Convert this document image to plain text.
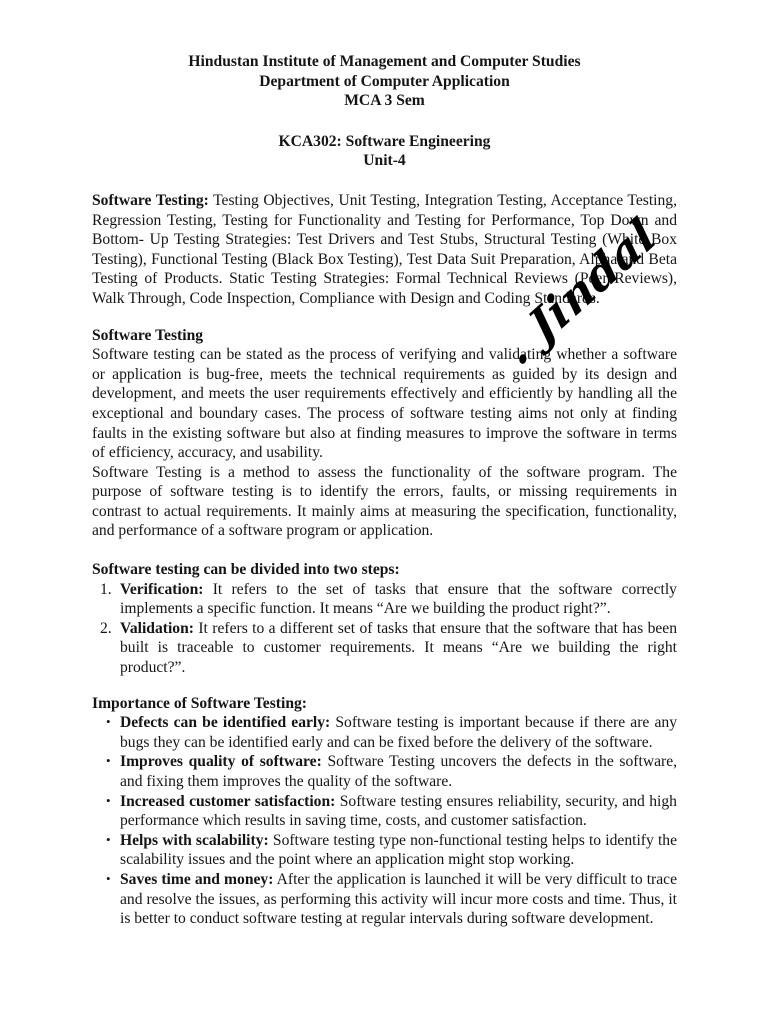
Hindustan Institute of Management and Computer Studies
Department of Computer Application
MCA 3 Sem
KCA302: Software Engineering
Unit-4

Software Testing: Testing Objectives, Unit Testing, Integration Testing, Acceptance Testing, Regression Testing, Testing for Functionality and Testing for Performance, Top Down and Bottom- Up Testing Strategies: Test Drivers and Test Stubs, Structural Testing (White Box Testing), Functional Testing (Black Box Testing), Test Data Suit Preparation, Alpha and Beta Testing of Products. Static Testing Strategies: Formal Technical Reviews (Peer Reviews), Walk Through, Code Inspection, Compliance with Design and Coding Standards.

Software Testing

Software testing can be stated as the process of verifying and validating whether a software or application is bug-free, meets the technical requirements as guided by its design and development, and meets the user requirements effectively and efficiently by handling all the exceptional and boundary cases. The process of software testing aims not only at finding faults in the existing software but also at finding measures to improve the software in terms of efficiency, accuracy, and usability.

Software Testing is a method to assess the functionality of the software program. The purpose of software testing is to identify the errors, faults, or missing requirements in contrast to actual requirements. It mainly aims at measuring the specification, functionality, and performance of a software program or application.

Software testing can be divided into two steps:
1. Verification: It refers to the set of tasks that ensure that the software correctly implements a specific function. It means “Are we building the product right?”.
2. Validation: It refers to a different set of tasks that ensure that the software that has been built is traceable to customer requirements. It means “Are we building the right product?”.
Importance of Software Testing:
• Defects can be identified early: Software testing is important because if there are any bugs they can be identified early and can be fixed before the delivery of the software.
• Improves quality of software: Software Testing uncovers the defects in the software, and fixing them improves the quality of the software.
• Increased customer satisfaction: Software testing ensures reliability, security, and high performance which results in saving time, costs, and customer satisfaction.
• Helps with scalability: Software testing type non-functional testing helps to identify the scalability issues and the point where an application might stop working.
• Saves time and money: After the application is launched it will be very difficult to trace and resolve the issues, as performing this activity will incur more costs and time. Thus, it is better to conduct software testing at regular intervals during software development.
. Jindal
